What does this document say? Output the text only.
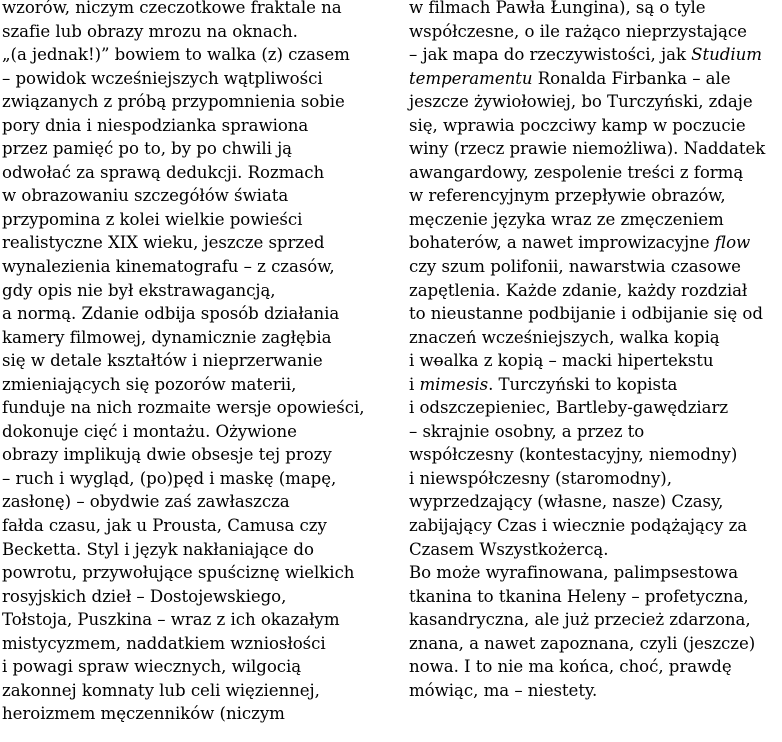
wzorów, niczym czeczotkowe fraktale na
szafie lub obrazy mrozu na oknach.
„(a jednak!)” bowiem to walka (z) czasem
– powidok wcześniejszych wątpliwości
związanych z próbą przypomnienia sobie
pory dnia i niespodzianka sprawiona
przez pamięć po to, by po chwili ją
odwołać za sprawą dedukcji. Rozmach
w obrazowaniu szczegółów świata
przypomina z kolei wielkie powieści
realistyczne XIX wieku, jeszcze sprzed
wynalezienia kinematografu – z czasów,
gdy opis nie był ekstrawagancją,
a normą. Zdanie odbija sposób działania
kamery filmowej, dynamicznie zagłębia
się w detale kształtów i nieprzerwanie
zmieniających się pozorów materii,
funduje na nich rozmaite wersje opowieści,
dokonuje cięć i montażu. Ożywione
obrazy implikują dwie obsesje tej prozy
– ruch i wygląd, (po)pęd i maskę (mapę,
zasłonę) – obydwie zaś zawłaszcza
fałda czasu, jak u Prousta, Camusa czy
Becketta. Styl i język nakłaniające do
powrotu, przywołujące spuściznę wielkich
rosyjskich dzieł – Dostojewskiego,
Tołstoja, Puszkina – wraz z ich okazałym
mistycyzmem, naddatkiem wzniosłości
i powagi spraw wiecznych, wilgocią
zakonnej komnaty lub celi więziennej,
heroizmem męczenników (niczym
w filmach Pawła Łungina), są o tyle
współczesne, o ile rażąco nieprzystające
– jak mapa do rzeczywistości, jak Studium
temperamentu Ronalda Firbanka – ale
jeszcze żywiołowiej, bo Turczyński, zdaje
się, wprawia poczciwy kamp w poczucie
winy (rzecz prawie niemożliwa). Naddatek
awangardowy, zespolenie treści z formą
w referencyjnym przepływie obrazów,
męczenie języka wraz ze zmęczeniem
bohaterów, a nawet improwizacyjne flow
czy szum polifonii, nawarstwia czasowe
zapętlenia. Każde zdanie, każdy rozdział
to nieustanne podbijanie i odbijanie się od
znaczeń wcześniejszych, walka kopią
i wo̶alka z kopią – macki hipertekstu
i mimesis. Turczyński to kopista
i odszczepieniec, Bartleby-gawędziarz
– skrajnie osobny, a przez to
współczesny (kontestacyjny, niemodny)
i niewspółczesny (staromodny),
wyprzedzający (własne, nasze) Czasy,
zabijający Czas i wiecznie podążający za
Czasem Wszystkożercą.
Bo może wyrafinowana, palimpsestowa
tkanina to tkanina Heleny – profetyczna,
kasandryczna, ale już przecież zdarzona,
znana, a nawet zapoznana, czyli (jeszcze)
nowa. I to nie ma końca, choć, prawdę
mówiąc, ma – niestety.
